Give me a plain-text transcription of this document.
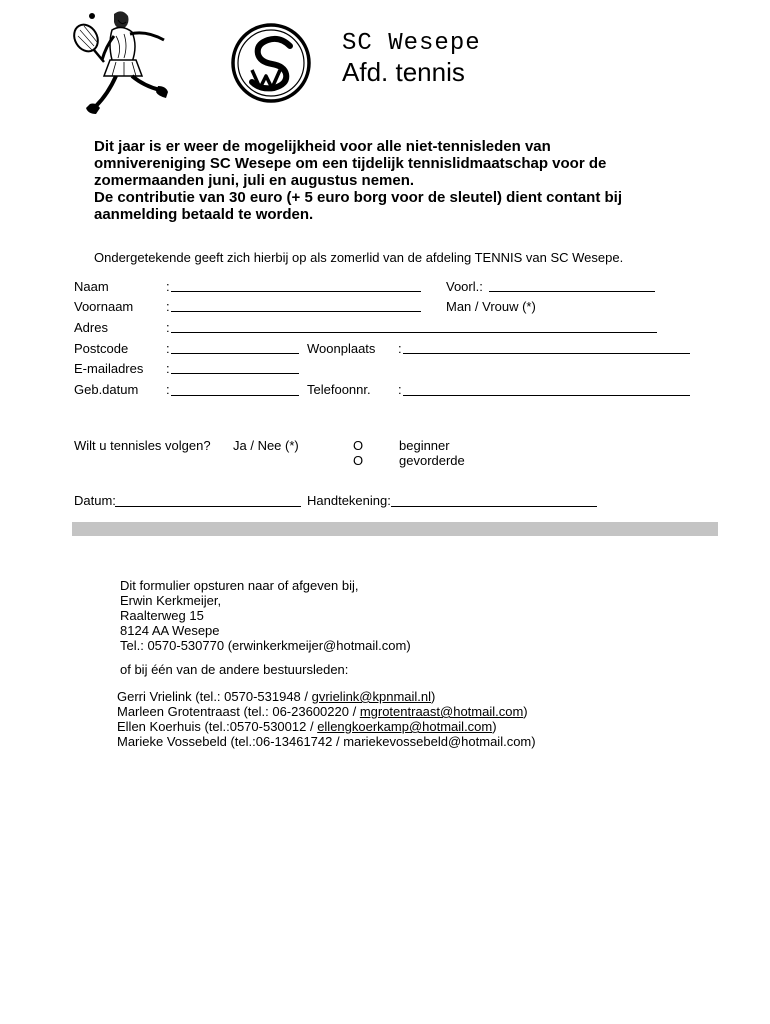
SC Wesepe
Afd. tennis
Dit jaar is er weer de mogelijkheid voor alle niet-tennisleden van
omnivereniging SC Wesepe om een tijdelijk tennislidmaatschap voor de
zomermaanden juni, juli en augustus nemen.
De contributie van 30 euro (+ 5 euro borg voor de sleutel) dient contant bij
aanmelding betaald te worden.
Ondergetekende geeft zich hierbij op als zomerlid van de afdeling TENNIS van SC Wesepe.
Naam	:	Voorl.:
Voornaam	:	Man / Vrouw (*)
Adres	:
Postcode	:	Woonplaats :
E-mailadres :
Geb.datum :	Telefoonnr. :
Wilt u tennisles volgen? Ja / Nee (*)	O	beginner
O	gevorderde
Datum:	Handtekening:
Dit formulier opsturen naar of afgeven bij,
Erwin Kerkmeijer,
Raalterweg 15
8124 AA Wesepe
Tel.: 0570-530770 (erwinkerkmeijer@hotmail.com)
of bij één van de andere bestuursleden:
Gerri Vrielink (tel.: 0570-531948 / gvrielink@kpnmail.nl)
Marleen Grotentraast (tel.: 06-23600220 / mgrotentraast@hotmail.com)
Ellen Koerhuis (tel.:0570-530012 / ellengkoerkamp@hotmail.com)
Marieke Vossebeld (tel.:06-13461742 / mariekevossebeld@hotmail.com)
